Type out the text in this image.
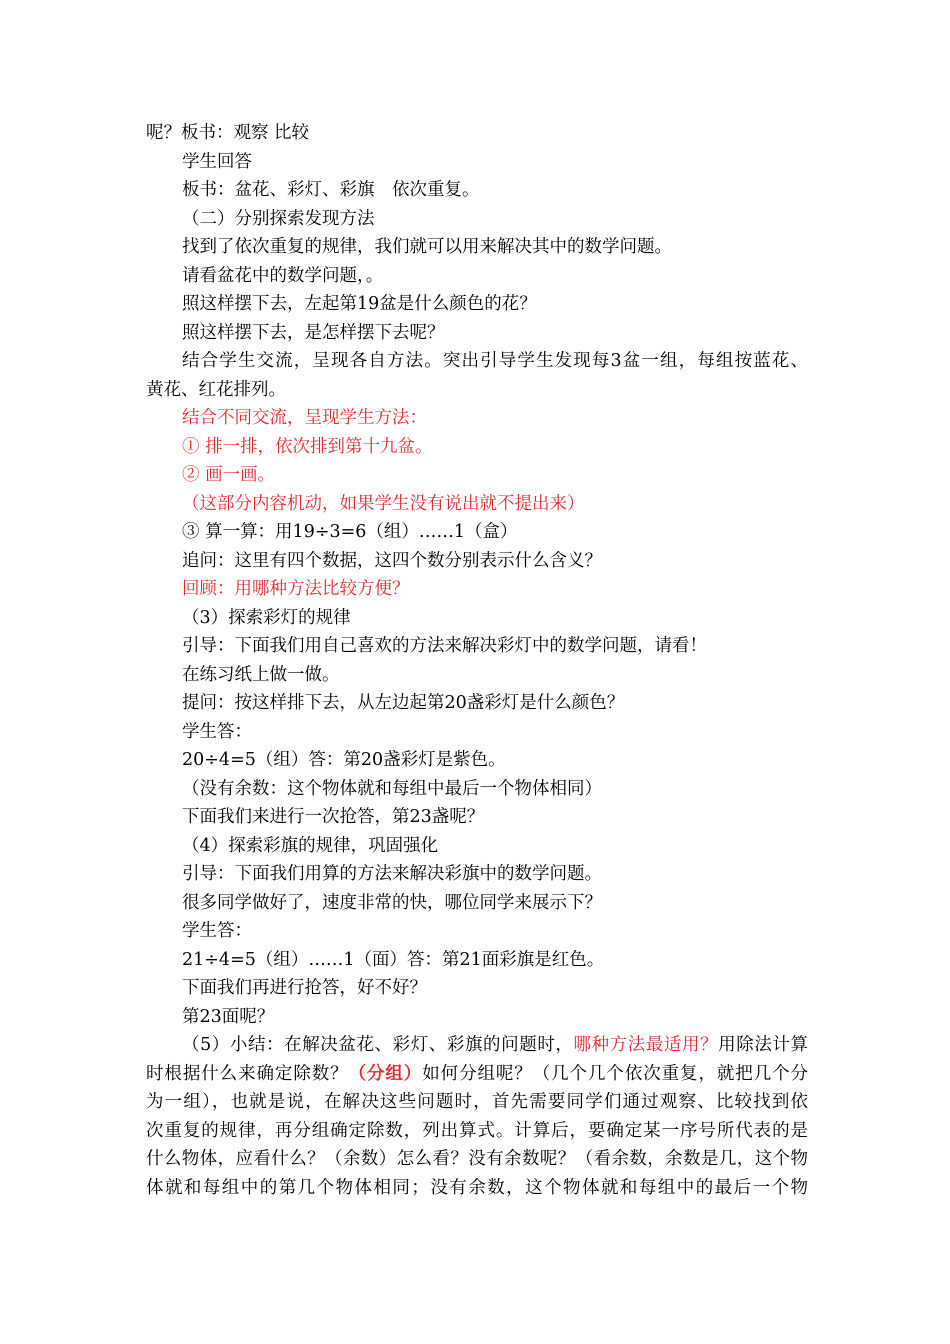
呢？板书：观察 比较
学生回答
板书：盆花、彩灯、彩旗　依次重复。
（二）分别探索发现方法
找到了依次重复的规律，我们就可以用来解决其中的数学问题。
请看盆花中的数学问题，。
照这样摆下去，左起第19盆是什么颜色的花？
照这样摆下去，是怎样摆下去呢？
结合学生交流，呈现各自方法。突出引导学生发现每3盆一组，每组按蓝花、
黄花、红花排列。
结合不同交流，呈现学生方法：
① 排一排，依次排到第十九盆。
② 画一画。
（这部分内容机动，如果学生没有说出就不提出来）
③ 算一算：用19÷3=6（组）……1（盒）
追问：这里有四个数据，这四个数分别表示什么含义？
回顾：用哪种方法比较方便？
（3）探索彩灯的规律
引导：下面我们用自己喜欢的方法来解决彩灯中的数学问题，请看！
在练习纸上做一做。
提问：按这样排下去，从左边起第20盏彩灯是什么颜色？
学生答：
20÷4=5（组）答：第20盏彩灯是紫色。
（没有余数：这个物体就和每组中最后一个物体相同）
下面我们来进行一次抢答，第23盏呢？
（4）探索彩旗的规律，巩固强化
引导：下面我们用算的方法来解决彩旗中的数学问题。
很多同学做好了，速度非常的快，哪位同学来展示下？
学生答：
21÷4=5（组）……1（面）答：第21面彩旗是红色。
下面我们再进行抢答，好不好？
第23面呢？
（5）小结：在解决盆花、彩灯、彩旗的问题时，哪种方法最适用？用除法计算
时根据什么来确定除数？（分组）如何分组呢？（几个几个依次重复，就把几个分
为一组），也就是说，在解决这些问题时，首先需要同学们通过观察、比较找到依
次重复的规律，再分组确定除数，列出算式。计算后，要确定某一序号所代表的是
什么物体，应看什么？（余数）怎么看？没有余数呢？（看余数，余数是几，这个物
体就和每组中的第几个物体相同；没有余数，这个物体就和每组中的最后一个物
